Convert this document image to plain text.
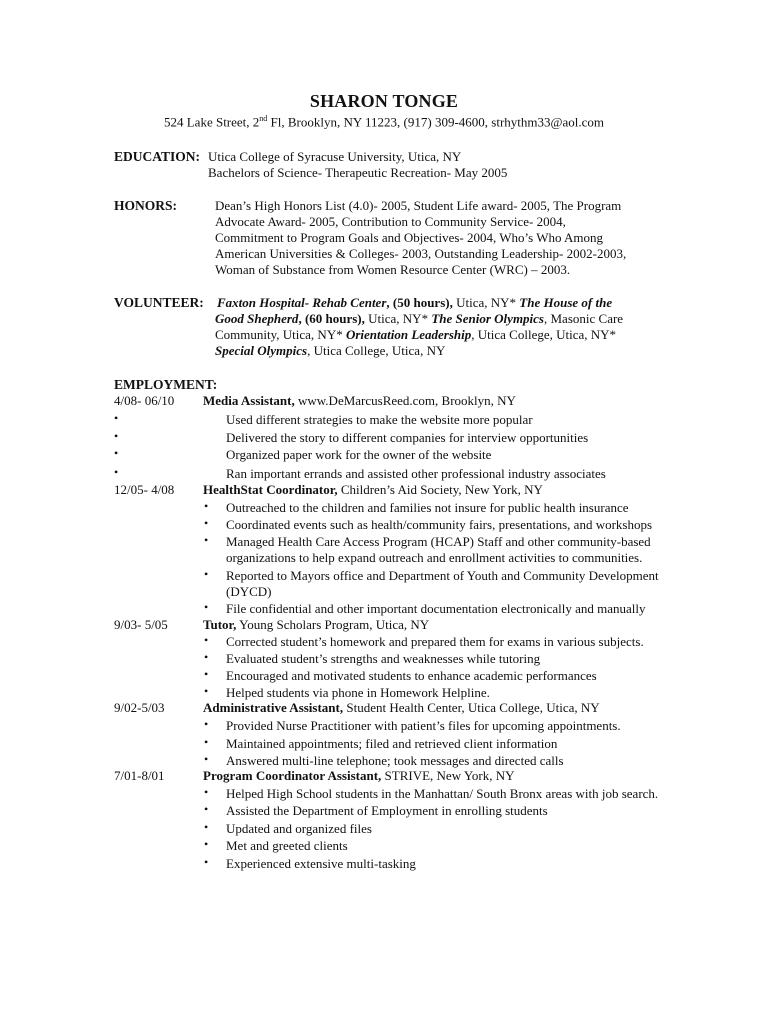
SHARON TONGE
524 Lake Street, 2nd Fl, Brooklyn, NY 11223, (917) 309-4600, strhythm33@aol.com
EDUCATION: Utica College of Syracuse University, Utica, NY
Bachelors of Science- Therapeutic Recreation- May 2005
HONORS:	Dean’s High Honors List (4.0)- 2005, Student Life award- 2005, The Program
Advocate Award- 2005, Contribution to Community Service- 2004,
Commitment to Program Goals and Objectives- 2004, Who’s Who Among
American Universities & Colleges- 2003, Outstanding Leadership- 2002-2003,
Woman of Substance from Women Resource Center (WRC) – 2003.
VOLUNTEER: Faxton Hospital- Rehab Center, (50 hours), Utica, NY* The House of the
Good Shepherd, (60 hours), Utica, NY* The Senior Olympics, Masonic Care
Community, Utica, NY* Orientation Leadership, Utica College, Utica, NY*
Special Olympics, Utica College, Utica, NY
EMPLOYMENT:
4/08- 06/10 Media Assistant, www.DeMarcusReed.com, Brooklyn, NY
•	Used different strategies to make the website more popular
•	Delivered the story to different companies for interview opportunities
•	Organized paper work for the owner of the website
•	Ran important errands and assisted other professional industry associates
12/05- 4/08 HealthStat Coordinator, Children’s Aid Society, New York, NY
• Outreached to the children and families not insure for public health insurance
• Coordinated events such as health/community fairs, presentations, and workshops
• Managed Health Care Access Program (HCAP) Staff and other community-based
organizations to help expand outreach and enrollment activities to communities.
• Reported to Mayors office and Department of Youth and Community Development
(DYCD)
• File confidential and other important documentation electronically and manually
9/03- 5/05	Tutor, Young Scholars Program, Utica, NY
• Corrected student’s homework and prepared them for exams in various subjects.
• Evaluated student’s strengths and weaknesses while tutoring
• Encouraged and motivated students to enhance academic performances
• Helped students via phone in Homework Helpline.
9/02-5/03	Administrative Assistant, Student Health Center, Utica College, Utica, NY
• Provided Nurse Practitioner with patient’s files for upcoming appointments.
• Maintained appointments; filed and retrieved client information
• Answered multi-line telephone; took messages and directed calls
7/01-8/01	Program Coordinator Assistant, STRIVE, New York, NY
• Helped High School students in the Manhattan/ South Bronx areas with job search.
• Assisted the Department of Employment in enrolling students
• Updated and organized files
• Met and greeted clients
• Experienced extensive multi-tasking
